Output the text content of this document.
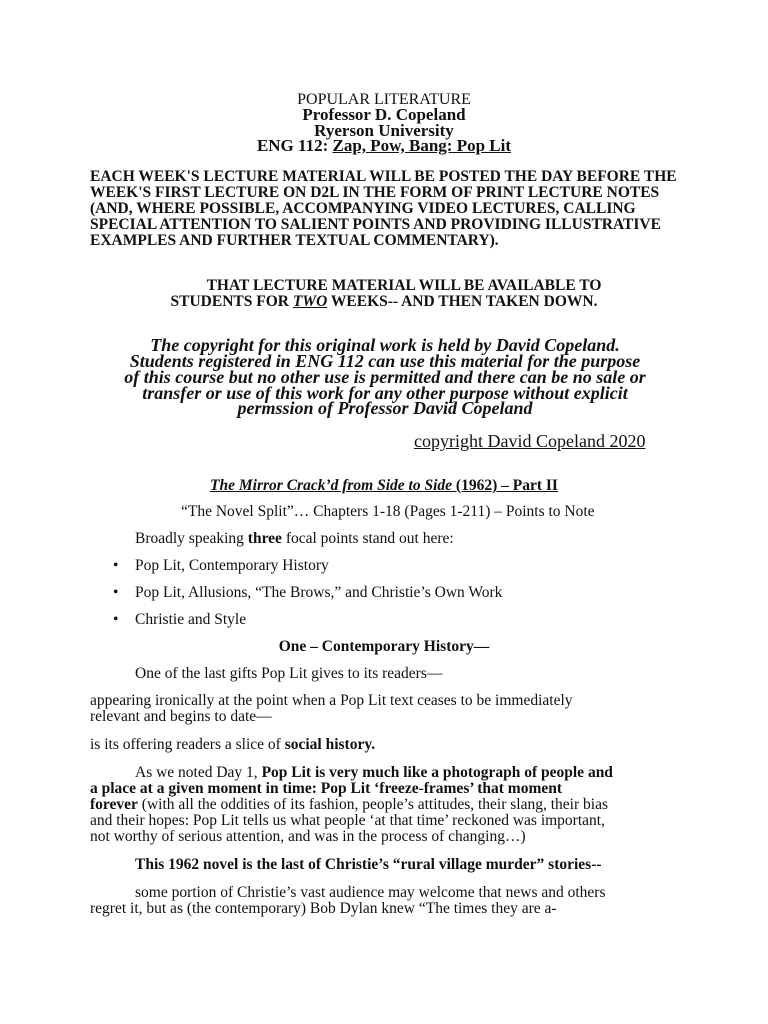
POPULAR LITERATURE

Professor D. Copeland

Ryerson University

ENG 112: Zap, Pow, Bang: Pop Lit

EACH WEEK'S LECTURE MATERIAL WILL BE POSTED THE DAY BEFORE THE WEEK'S FIRST LECTURE ON D2L IN THE FORM OF PRINT LECTURE NOTES (AND, WHERE POSSIBLE, ACCOMPANYING VIDEO LECTURES, CALLING SPECIAL ATTENTION TO SALIENT POINTS AND PROVIDING ILLUSTRATIVE EXAMPLES AND FURTHER TEXTUAL COMMENTARY).

THAT LECTURE MATERIAL WILL BE AVAILABLE TO

STUDENTS FOR TWO WEEKS-- AND THEN TAKEN DOWN.

The copyright for this original work is held by David Copeland.

Students registered in ENG 112 can use this material for the purpose

of this course but no other use is permitted and there can be no sale or

transfer or use of this work for any other purpose without explicit

permssion of Professor David Copeland

copyright David Copeland 2020

The Mirror Crack’d from Side to Side (1962) – Part II

“The Novel Split”… Chapters 1-18 (Pages 1-211) – Points to Note

Broadly speaking three focal points stand out here:

• Pop Lit, Contemporary History
• Pop Lit, Allusions, “The Brows,” and Christie’s Own Work
• Christie and Style

One – Contemporary History—

One of the last gifts Pop Lit gives to its readers—

appearing ironically at the point when a Pop Lit text ceases to be immediately

relevant and begins to date—

is its offering readers a slice of social history.

As we noted Day 1, Pop Lit is very much like a photograph of people and

a place at a given moment in time: Pop Lit ‘freeze-frames’ that moment

forever (with all the oddities of its fashion, people’s attitudes, their slang, their bias

and their hopes: Pop Lit tells us what people ‘at that time’ reckoned was important,

not worthy of serious attention, and was in the process of changing…)

This 1962 novel is the last of Christie’s “rural village murder” stories--

some portion of Christie’s vast audience may welcome that news and others

regret it, but as (the contemporary) Bob Dylan knew “The times they are a-
